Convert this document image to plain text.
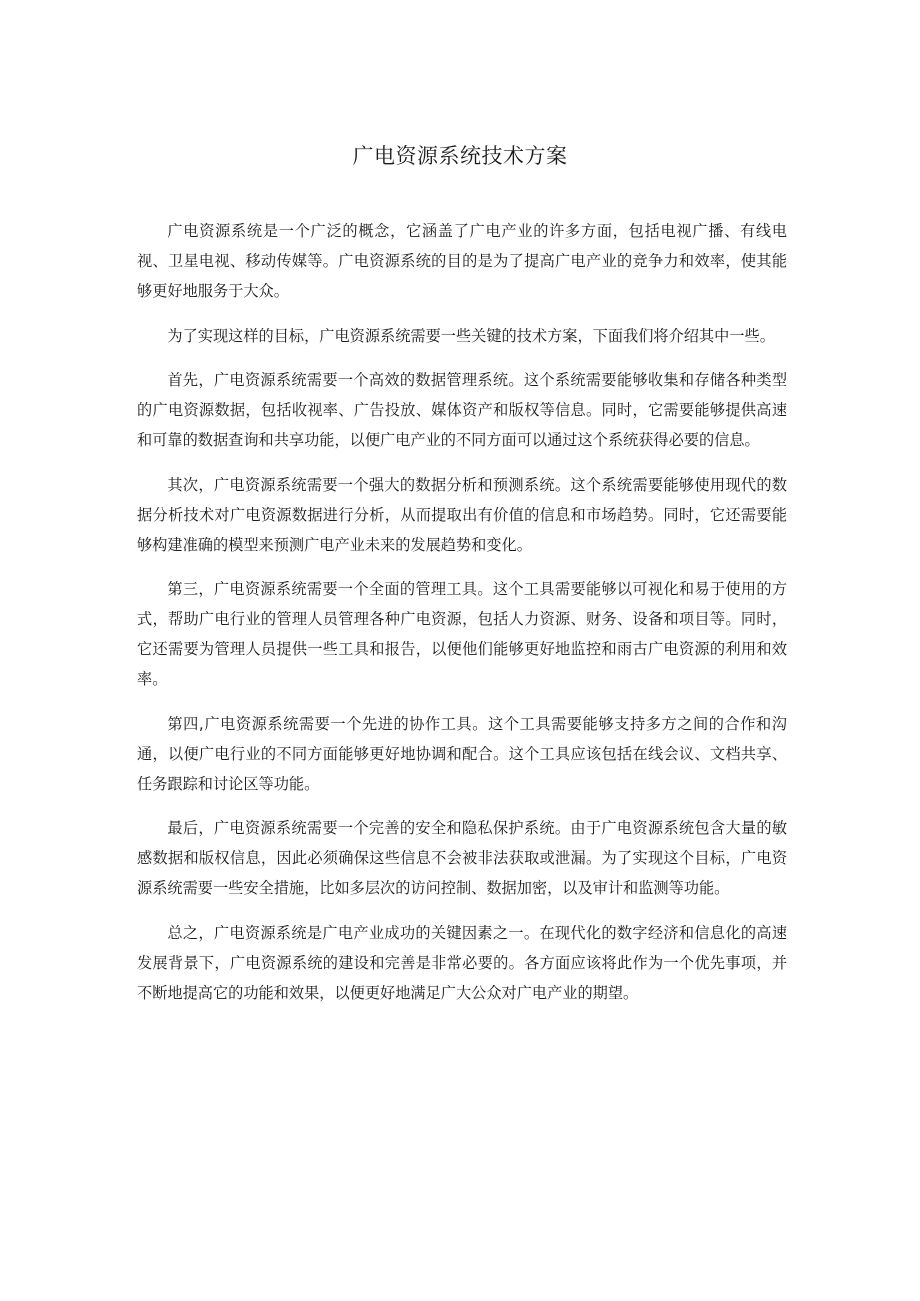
广电资源系统技术方案

广电资源系统是一个广泛的概念，它涵盖了广电产业的许多方面，包括电视广播、有线电视、卫星电视、移动传媒等。广电资源系统的目的是为了提高广电产业的竞争力和效率，使其能够更好地服务于大众。

为了实现这样的目标，广电资源系统需要一些关键的技术方案，下面我们将介绍其中一些。

首先，广电资源系统需要一个高效的数据管理系统。这个系统需要能够收集和存储各种类型的广电资源数据，包括收视率、广告投放、媒体资产和版权等信息。同时，它需要能够提供高速和可靠的数据查询和共享功能，以便广电产业的不同方面可以通过这个系统获得必要的信息。

其次，广电资源系统需要一个强大的数据分析和预测系统。这个系统需要能够使用现代的数据分析技术对广电资源数据进行分析，从而提取出有价值的信息和市场趋势。同时，它还需要能够构建准确的模型来预测广电产业未来的发展趋势和变化。

第三，广电资源系统需要一个全面的管理工具。这个工具需要能够以可视化和易于使用的方式，帮助广电行业的管理人员管理各种广电资源，包括人力资源、财务、设备和项目等。同时，它还需要为管理人员提供一些工具和报告，以便他们能够更好地监控和雨古广电资源的利用和效率。

第四,广电资源系统需要一个先进的协作工具。这个工具需要能够支持多方之间的合作和沟通，以便广电行业的不同方面能够更好地协调和配合。这个工具应该包括在线会议、文档共享、任务跟踪和讨论区等功能。

最后，广电资源系统需要一个完善的安全和隐私保护系统。由于广电资源系统包含大量的敏感数据和版权信息，因此必须确保这些信息不会被非法获取或泄漏。为了实现这个目标，广电资源系统需要一些安全措施，比如多层次的访问控制、数据加密，以及审计和监测等功能。

总之，广电资源系统是广电产业成功的关键因素之一。在现代化的数字经济和信息化的高速发展背景下，广电资源系统的建设和完善是非常必要的。各方面应该将此作为一个优先事项，并不断地提高它的功能和效果，以便更好地满足广大公众对广电产业的期望。
